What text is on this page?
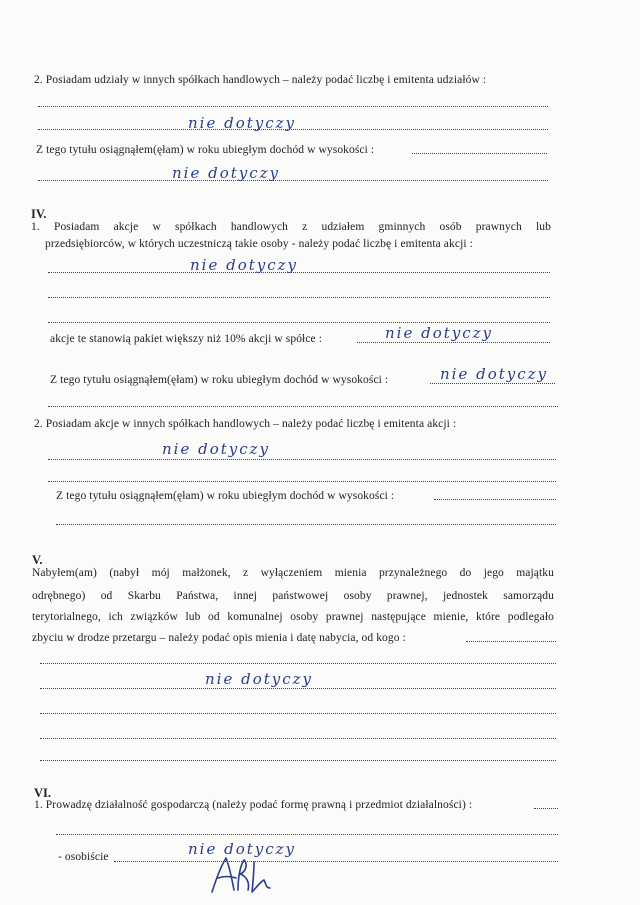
2. Posiadam udziały w innych spółkach handlowych – należy podać liczbę i emitenta udziałów :
nie dotyczy
Z tego tytułu osiągnąłem(ęłam) w roku ubiegłym dochód w wysokości :
nie dotyczy
IV.
1. Posiadam akcje w spółkach handlowych z udziałem gminnych osób prawnych lub
przedsiębiorców, w których uczestniczą takie osoby - należy podać liczbę i emitenta akcji :
nie dotyczy
akcje te stanowią pakiet większy niż 10% akcji w spółce :	nie dotyczy
Z tego tytułu osiągnąłem(ęłam) w roku ubiegłym dochód w wysokości :	nie dotyczy
2. Posiadam akcje w innych spółkach handlowych – należy podać liczbę i emitenta akcji :
nie dotyczy
Z tego tytułu osiągnąłem(ęłam) w roku ubiegłym dochód w wysokości :
V.
Nabyłem(am) (nabył mój małżonek, z wyłączeniem mienia przynależnego do jego majątku
odrębnego) od Skarbu Państwa, innej państwowej osoby prawnej, jednostek samorządu
terytorialnego, ich związków lub od komunalnej osoby prawnej następujące mienie, które podlegało
zbyciu w drodze przetargu – należy podać opis mienia i datę nabycia, od kogo :
nie dotyczy
VI.
1. Prowadzę działalność gospodarczą (należy podać formę prawną i przedmiot działalności) :
- osobiście	nie dotyczy
